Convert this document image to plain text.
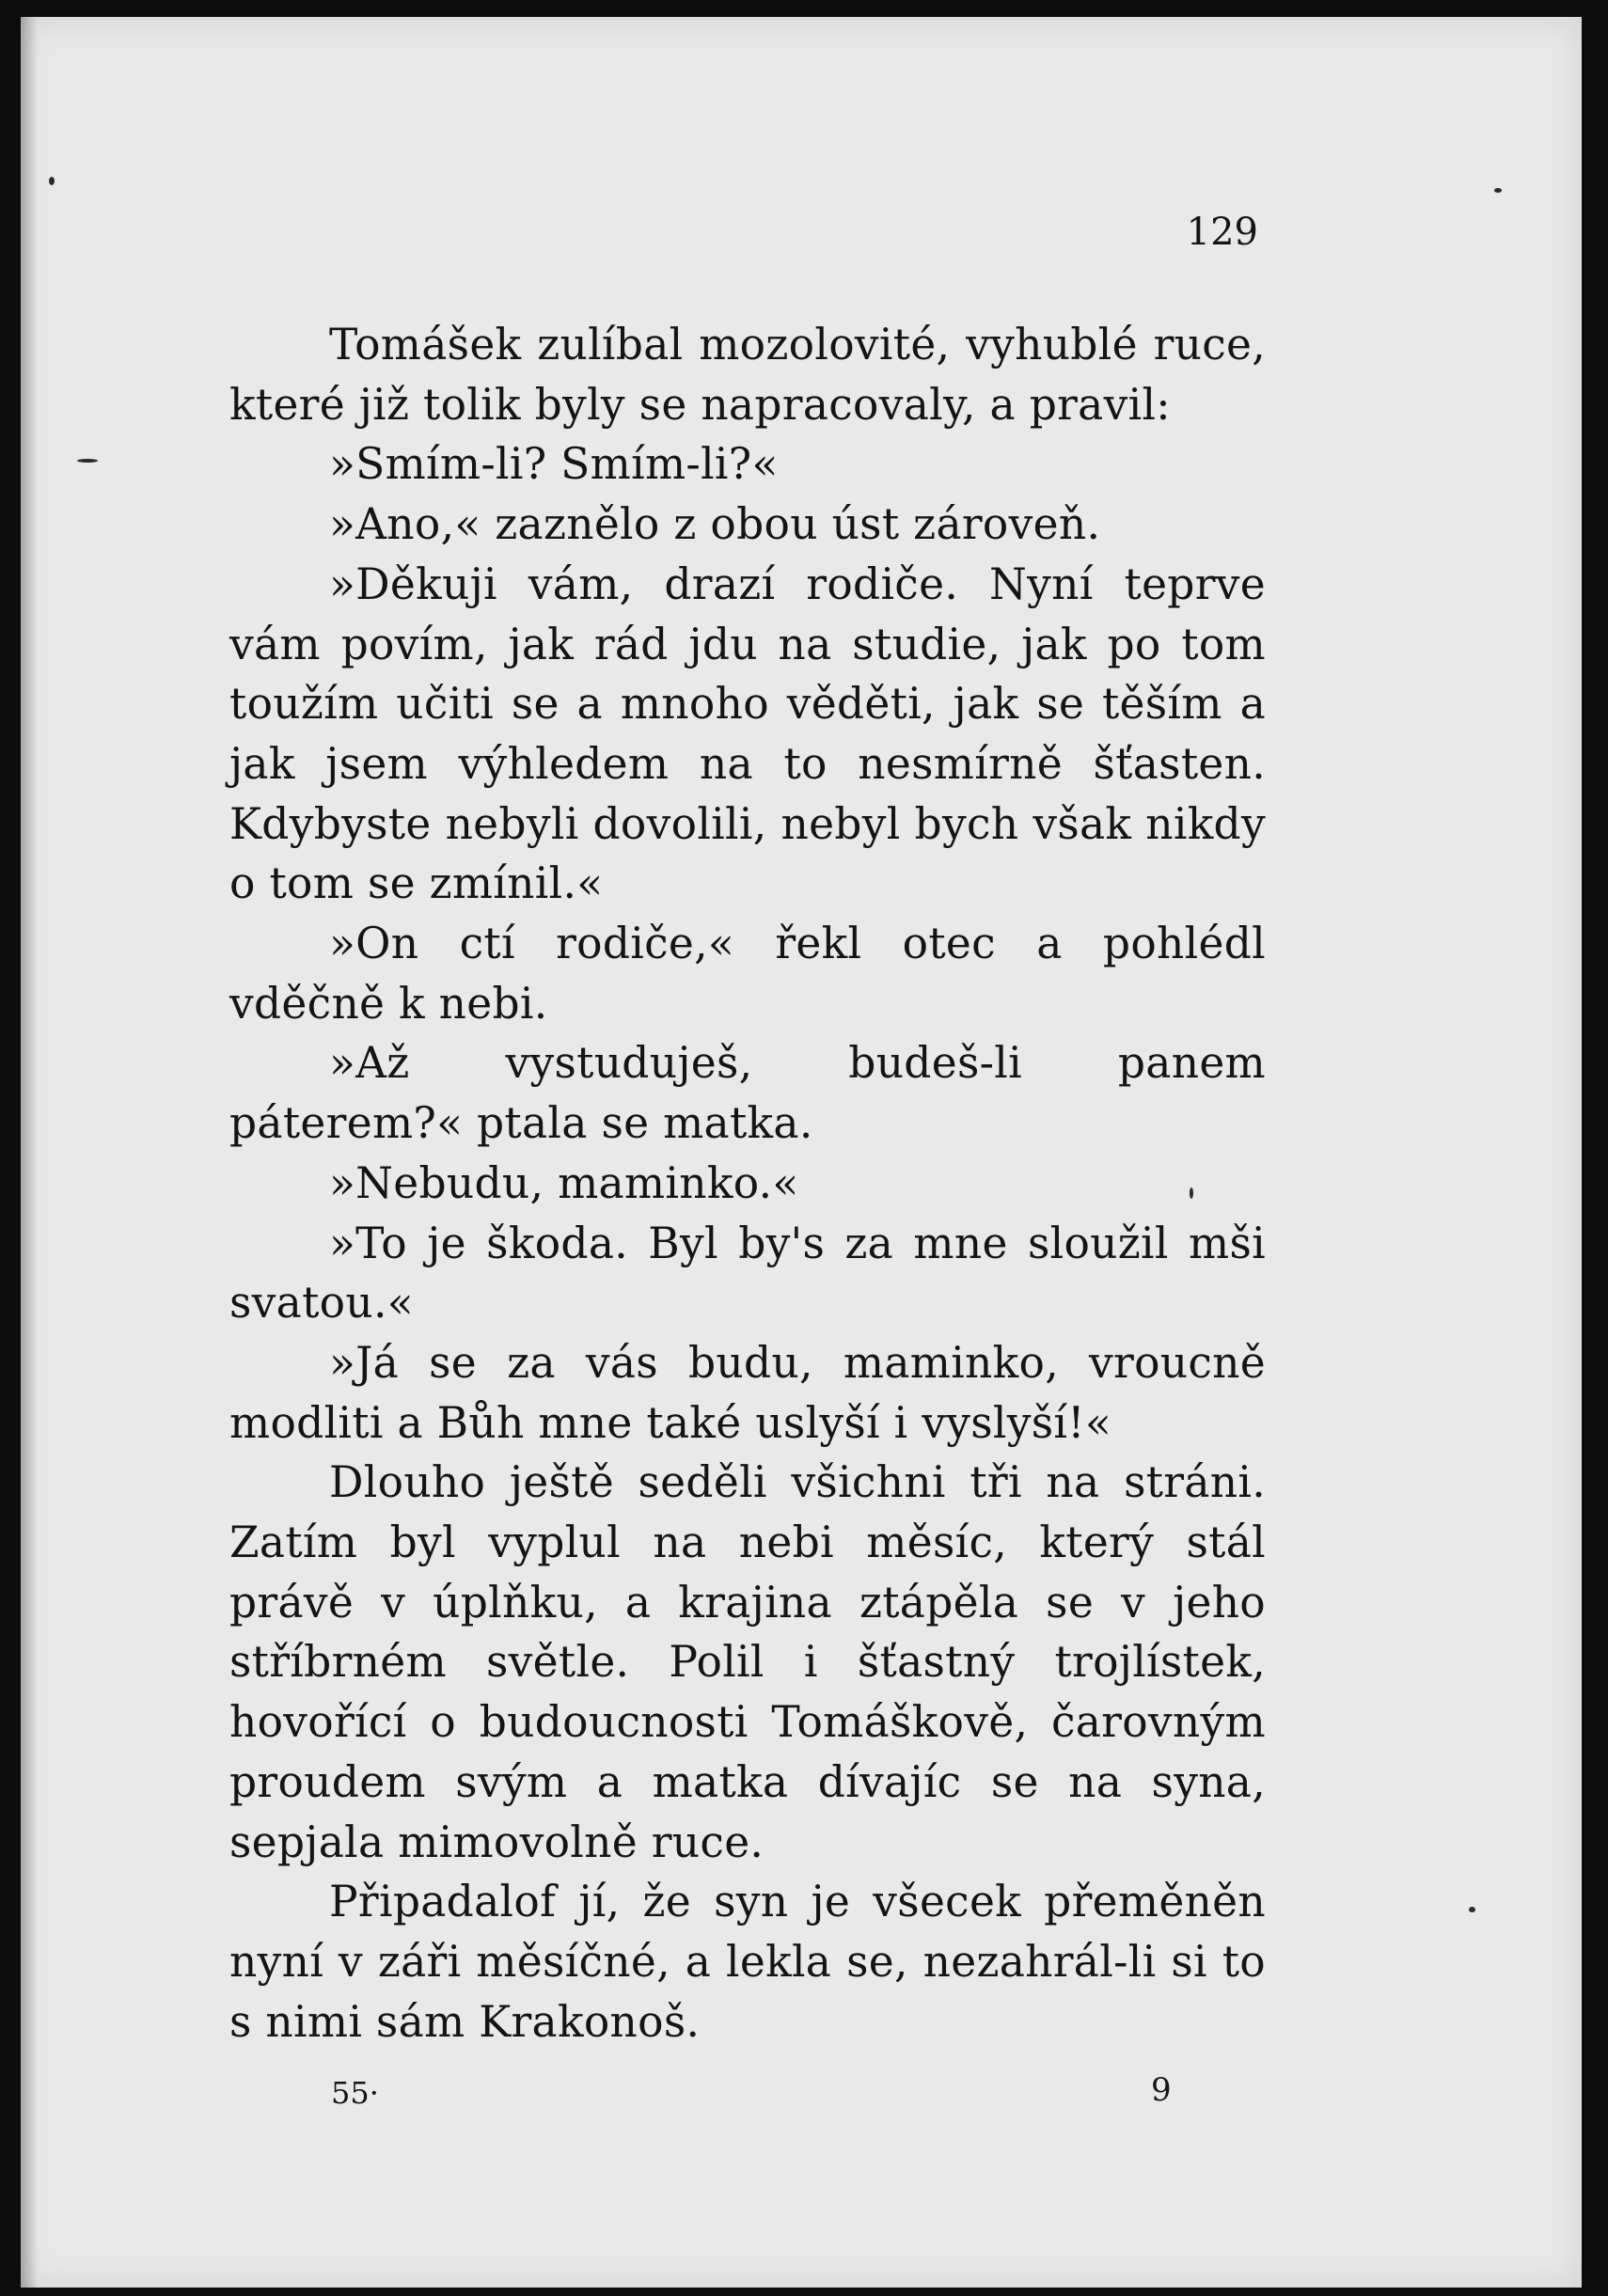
129

Tomášek zulíbal mozolovité, vyhublé ruce, které již tolik byly se napracovaly, a pravil:

»Smím-li? Smím-li?«

»Ano,« zaznělo z obou úst zároveň.

»Děkuji vám, drazí rodiče. Nyní teprve vám povím, jak rád jdu na studie, jak po tom toužím učiti se a mnoho věděti, jak se těším a jak jsem výhledem na to nesmírně šťasten. Kdybyste nebyli dovolili, nebyl bych však nikdy o tom se zmínil.«

»On ctí rodiče,« řekl otec a pohlédl vděčně k nebi.

»Až vystuduješ, budeš-li panem páterem?« ptala se matka.

»Nebudu, maminko.«

»To je škoda. Byl by's za mne sloužil mši svatou.«

»Já se za vás budu, maminko, vroucně modliti a Bůh mne také uslyší i vyslyší!«

Dlouho ještě seděli všichni tři na stráni. Zatím byl vyplul na nebi měsíc, který stál právě v úplňku, a krajina ztápěla se v jeho stříbrném světle. Polil i šťastný trojlístek, hovořící o budoucnosti Tomáškově, čarovným proudem svým a matka dívajíc se na syna, sepjala mimovolně ruce.

Připadalof jí, že syn je všecek přeměněn nyní v záři měsíčné, a lekla se, nezahrál-li si to s nimi sám Krakonoš.

55·	9
